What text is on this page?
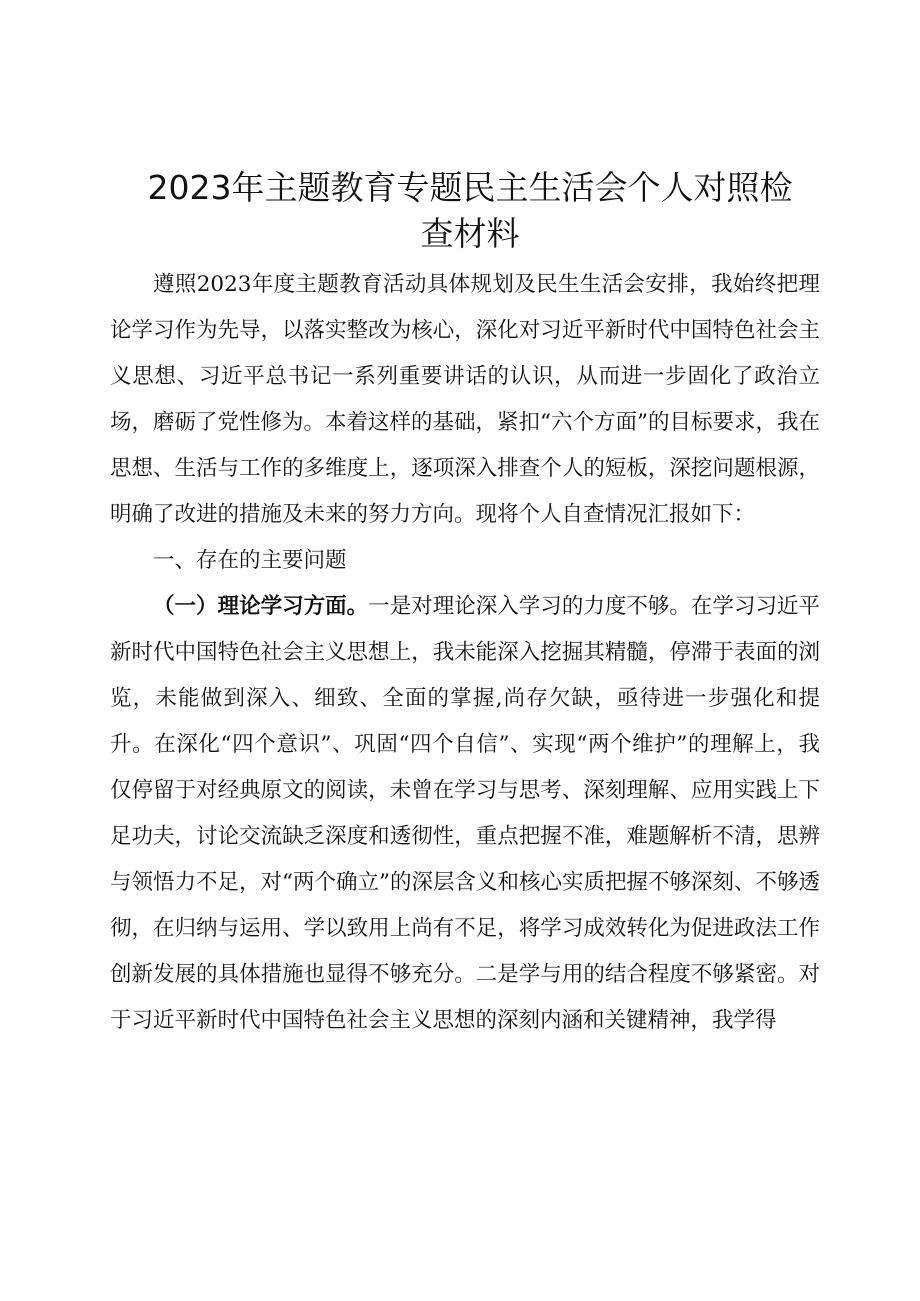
2023年主题教育专题民主生活会个人对照检
查材料

遵照2023年度主题教育活动具体规划及民生生活会安排，我始终把理论学习作为先导，以落实整改为核心，深化对习近平新时代中国特色社会主义思想、习近平总书记一系列重要讲话的认识，从而进一步固化了政治立场，磨砺了党性修为。本着这样的基础，紧扣“六个方面”的目标要求，我在思想、生活与工作的多维度上，逐项深入排查个人的短板，深挖问题根源，明确了改进的措施及未来的努力方向。现将个人自查情况汇报如下：

一、存在的主要问题

（一）理论学习方面。一是对理论深入学习的力度不够。在学习习近平新时代中国特色社会主义思想上，我未能深入挖掘其精髓，停滞于表面的浏览，未能做到深入、细致、全面的掌握,尚存欠缺，亟待进一步强化和提升。在深化“四个意识”、巩固“四个自信”、实现“两个维护”的理解上，我仅停留于对经典原文的阅读，未曾在学习与思考、深刻理解、应用实践上下足功夫，讨论交流缺乏深度和透彻性，重点把握不准，难题解析不清，思辨与领悟力不足，对“两个确立”的深层含义和核心实质把握不够深刻、不够透彻，在归纳与运用、学以致用上尚有不足，将学习成效转化为促进政法工作创新发展的具体措施也显得不够充分。二是学与用的结合程度不够紧密。对于习近平新时代中国特色社会主义思想的深刻内涵和关键精神，我学得
